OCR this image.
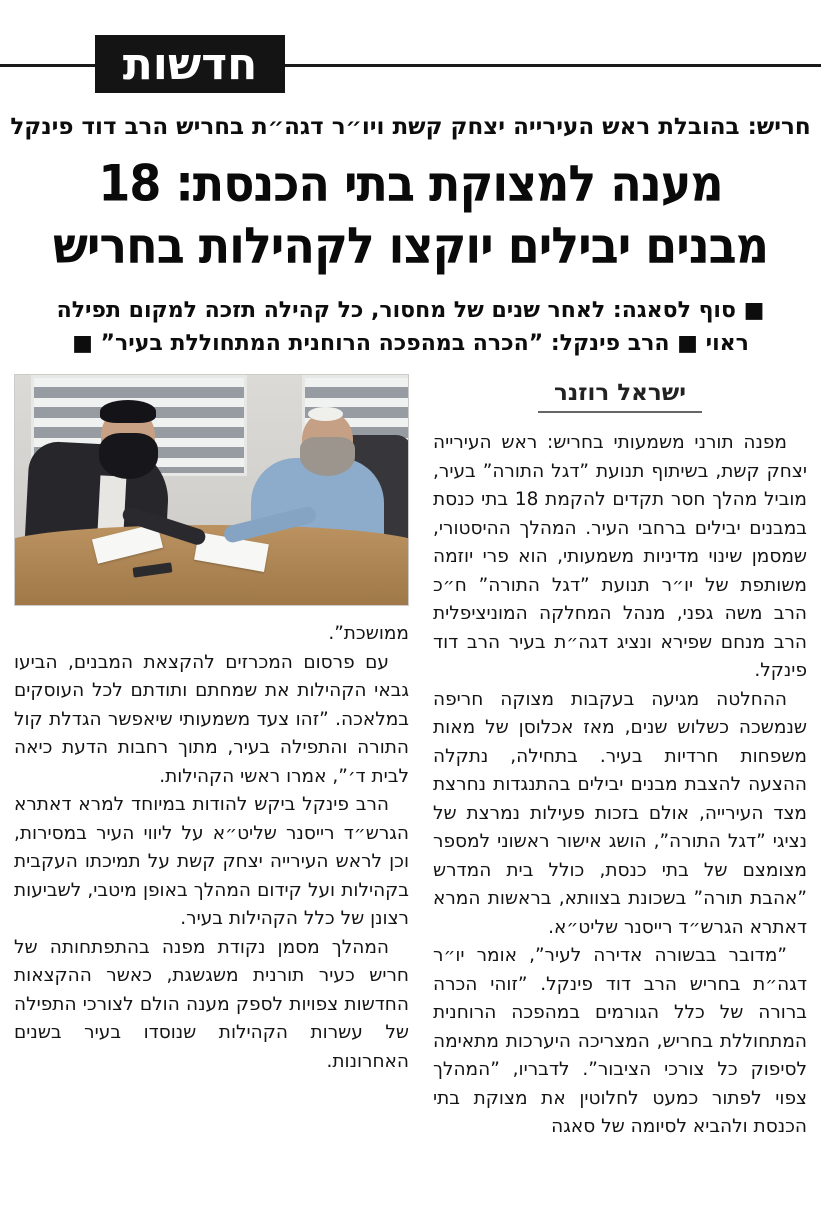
חדשות

חריש: בהובלת ראש העירייה יצחק קשת ויו״ר דגה״ת בחריש הרב דוד פינקל

מענה למצוקת בתי הכנסת: 18
מבנים יבילים יוקצו לקהילות בחריש

■ סוף לסאגה: לאחר שנים של מחסור, כל קהילה תזכה למקום תפילה
ראוי ■ הרב פינקל: ”הכרה במהפכה הרוחנית המתחוללת בעיר” ■

ישראל רוזנר

מפנה תורני משמעותי בחריש: ראש העירייה יצחק קשת, בשיתוף תנועת ”דגל התורה” בעיר, מוביל מהלך חסר תקדים להקמת 18 בתי כנסת במבנים יבילים ברחבי העיר. המהלך ההיסטורי, שמסמן שינוי מדיניות משמעותי, הוא פרי יוזמה משותפת של יו״ר תנועת ”דגל התורה” ח״כ הרב משה גפני, מנהל המחלקה המוניציפלית הרב מנחם שפירא ונציג דגה״ת בעיר הרב דוד פינקל.

ההחלטה מגיעה בעקבות מצוקה חריפה שנמשכה כשלוש שנים, מאז אכלוסן של מאות משפחות חרדיות בעיר. בתחילה, נתקלה ההצעה להצבת מבנים יבילים בהתנגדות נחרצת מצד העירייה, אולם בזכות פעילות נמרצת של נציגי ”דגל התורה”, הושג אישור ראשוני למספר מצומצם של בתי כנסת, כולל בית המדרש ”אהבת תורה” בשכונת בצוותא, בראשות המרא דאתרא הגרש״ד רייסנר שליט״א.

”מדובר בבשורה אדירה לעיר”, אומר יו״ר דגה״ת בחריש הרב דוד פינקל. ”זוהי הכרה ברורה של כלל הגורמים במהפכה הרוחנית המתחוללת בחריש, המצריכה היערכות מתאימה לסיפוק כל צורכי הציבור”. לדבריו, ”המהלך צפוי לפתור כמעט לחלוטין את מצוקת בתי הכנסת ולהביא לסיומה של סאגה

ממושכת”.

עם פרסום המכרזים להקצאת המבנים, הביעו גבאי הקהילות את שמחתם ותודתם לכל העוסקים במלאכה. ”זהו צעד משמעותי שיאפשר הגדלת קול התורה והתפילה בעיר, מתוך רחבות הדעת כיאה לבית ד׳”, אמרו ראשי הקהילות.

הרב פינקל ביקש להודות במיוחד למרא דאתרא הגרש״ד רייסנר שליט״א על ליווי העיר במסירות, וכן לראש העירייה יצחק קשת על תמיכתו העקבית בקהילות ועל קידום המהלך באופן מיטבי, לשביעות רצונן של כלל הקהילות בעיר.

המהלך מסמן נקודת מפנה בהתפתחותה של חריש כעיר תורנית משגשגת, כאשר ההקצאות החדשות צפויות לספק מענה הולם לצורכי התפילה של עשרות הקהילות שנוסדו בעיר בשנים האחרונות.
